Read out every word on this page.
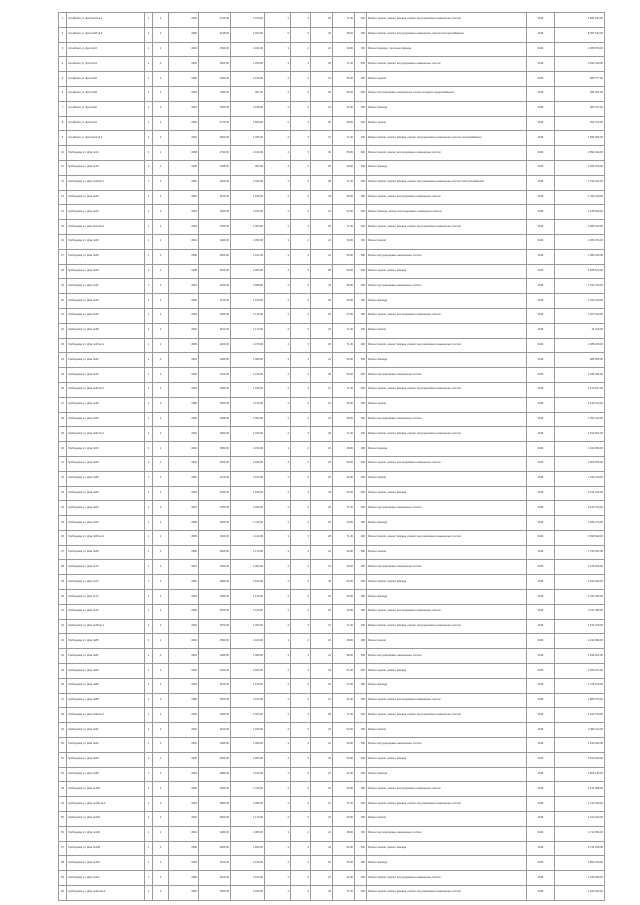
1	Алтайская ул. Дом №24 кв.1	1	1	1965	1746,00	1 100,02	3	3	25	71,30	200	Ремонт кровли, ремонт фасада, ремонт внутридомовых инженерных систем	2016	4 582 132,00
2	Алтайская ул. Дом №28 кв.2	1	1	1960	3198,00	2 400,00	5	2	32	48,20	180	Ремонт кровли, ремонт внутридомовых инженерных систем электроснабжения	2016	8 397 512,00
3	Алтайская ул. Дом №32	1	1	1963	1530,00	1 182,30	3	2	22	30,90	150	Ремонт фасада, утепление фасада	2016	1 380 870,00
4	Алтайская ул. Дом №34	1	1	1962	1562,00	1 200,00	3	2	25	71,30	200	Ремонт кровли, ремонт внутридомовых инженерных систем	2016	2 812 118,00
5	Алтайская ул. Дом №36	1	1	1959	1480,00	1 109,00	3	2	21	25,00	150	Ремонт кровли	2016	580 777,00
6	Алтайская ул. Дом №38	1	1	1963	1495,00	997,40	3	2	20	56,20	200	Ремонт внутридомовых инженерных систем холодного водоснабжения	2016	384 561,00
7	Алтайская ул. Дом №40	1	1	1961	1590,00	1 158,00	3	2	24	44,00	180	Ремонт фасада	2016	905 117,00
8	Алтайская ул. Дом №42	1	1	1962	2710,00	1 829,50	5	3	36	56,90	200	Ремонт кровли	2016	552 072,00
9	Алтайская ул. Дом №44 кв.1	1	1	1964	1840,00	1 366,20	3	3	27	71,30	200	Ремонт кровли, ремонт фасада, ремонт внутридомовых инженерных систем теплоснабжения	2016	2 566 384,00
10	Грибоедова ул. Дом №14	1	1	1958	2790,00	2 010,00	4	3	40	65,00	200	Ремонт кровли, ремонт внутридомовых инженерных систем	2016	2 894 012,00
11	Грибоедова ул. Дом №16	1	1	1956	1255,00	903,00	3	2	18	40,00	150	Ремонт фасада	2016	1 256 316,00
12	Грибоедова ул. Дом №18 кв.1	1	1	1960	1920,00	1 402,00	3	3	28	71,30	200	Ремонт кровли, ремонт фасада, ремонт внутридомовых инженерных систем электроснабжения	2016	1 792 041,00
13	Грибоедова ул. Дом №20	1	1	1962	1610,00	1 180,00	3	2	23	48,00	180	Ремонт кровли, ремонт внутридомовых инженерных систем	2016	1 532 119,00
14	Грибоедова ул. Дом №22	1	1	1963	1640,00	1 200,00	3	2	24	52,00	200	Ремонт фасада, ремонт внутридомовых инженерных систем	2016	1 278 650,00
15	Грибоедова ул. Дом №24 кв.2	1	1	1964	1780,00	1 300,00	3	3	26	71,30	200	Ремонт кровли, ремонт фасада, ремонт внутридомовых инженерных систем	2016	1 980 416,00
16	Грибоедова ул. Дом №26	1	1	1961	1490,00	1 090,00	3	2	21	30,00	150	Ремонт кровли	2016	1 384 154,00
17	Грибоедова ул. Дом №28	1	1	1960	1502,00	1 101,00	3	2	22	45,00	180	Ремонт внутридомовых инженерных систем	2016	1 584 116,00
18	Грибоедова ул. Дом №30	1	1	1958	2610,00	1 906,00	4	3	38	60,00	200	Ремонт кровли, ремонт фасада	2016	1 695 512,00
19	Грибоедова ул. Дом №32	1	1	1957	2180,00	1 588,00	4	3	34	58,00	200	Ремонт внутридомовых инженерных систем	2016	1 331 070,00
20	Грибоедова ул. Дом №34	1	1	1959	1470,00	1 070,00	3	2	20	35,00	150	Ремонт фасада	2016	1 020 410,00
21	Грибоедова ул. Дом №36	1	1	1963	1566,00	1 140,00	3	2	22	47,00	180	Ремонт кровли, ремонт внутридомовых инженерных систем	2016	1 367 910,00
22	Грибоедова ул. Дом №38	1	1	1962	1612,00	1 174,00	3	2	23	71,30	200	Ремонт кровли	2016	14 215,00
23	Грибоедова ул. Дом №40 кв.1	1	1	1965	2020,00	1 470,00	4	3	30	71,30	200	Ремонт кровли, ремонт фасада, ремонт внутридомовых инженерных систем	2016	1 088 225,00
24	Грибоедова ул. Дом №42	1	1	1961	1480,00	1 080,00	3	2	21	30,00	150	Ремонт фасада	2016	980 556,00
25	Грибоедова ул. Дом №44	1	1	1960	1705,00	1 240,00	3	2	25	52,00	200	Ремонт внутридомовых инженерных систем	2016	2 036 366,00
26	Грибоедова ул. Дом №46 кв.2	1	1	1963	1840,00	1 340,00	3	3	27	71,30	200	Ремонт кровли, ремонт фасада, ремонт внутридомовых инженерных систем	2016	3 170 917,00
27	Грибоедова ул. Дом №48	1	1	1958	1550,00	1 130,00	3	2	22	40,00	180	Ремонт кровли	2016	2 140 212,00
28	Грибоедова ул. Дом №50	1	1	1959	1498,00	1 090,00	3	2	21	38,00	150	Ремонт внутридомовых инженерных систем	2016	1 550 116,00
29	Грибоедова ул. Дом №52 кв.1	1	1	1964	1960,00	1 430,00	4	3	29	71,30	200	Ремонт кровли, ремонт фасада, ремонт внутридомовых инженерных систем	2016	2 910 004,00
30	Грибоедова ул. Дом №54	1	1	1962	1580,00	1 150,00	3	2	23	48,00	180	Ремонт фасада	2016	1 610 350,00
31	Грибоедова ул. Дом №56	1	1	1961	1620,00	1 180,00	3	2	23	50,00	200	Ремонт кровли, ремонт внутридомовых инженерных систем	2016	1 902 560,00
32	Грибоедова ул. Дом №58	1	1	1960	1470,00	1 070,00	3	2	20	36,00	150	Ремонт кровли	2016	1 045 118,00
33	Грибоедова ул. Дом №60	1	1	1963	2240,00	1 630,00	4	3	34	62,00	200	Ремонт кровли, ремонт фасада	2016	2 414 012,00
34	Грибоедова ул. Дом №62	1	1	1957	1780,00	1 300,00	3	2	26	71,30	200	Ремонт внутридомовых инженерных систем	2016	3 120 764,00
35	Грибоедова ул. Дом №64	1	1	1958	1520,00	1 110,00	3	2	22	44,00	180	Ремонт фасада	2016	1 384 270,00
36	Грибоедова ул. Дом №66 кв.2	1	1	1965	1930,00	1 410,00	3	3	28	71,30	200	Ремонт кровли, ремонт фасада, ремонт внутридомовых инженерных систем	2016	2 690 810,00
37	Грибоедова ул. Дом №68	1	1	1962	1600,00	1 170,00	3	2	23	49,00	180	Ремонт кровли	2016	1 790 552,00
38	Грибоедова ул. Дом №70	1	1	1961	1490,00	1 090,00	3	2	21	40,00	150	Ремонт внутридомовых инженерных систем	2016	1 215 660,00
39	Грибоедова ул. Дом №72	1	1	1960	2480,00	1 810,00	4	3	36	64,00	200	Ремонт кровли, ремонт фасада	2016	4 160 042,00
40	Грибоедова ул. Дом №74	1	1	1963	1560,00	1 140,00	3	2	22	46,00	180	Ремонт фасада	2016	1 490 335,00
41	Грибоедова ул. Дом №76	1	1	1959	1510,00	1 100,00	3	2	22	42,00	180	Ремонт кровли, ремонт внутридомовых инженерных систем	2016	2 011 480,00
42	Грибоедова ул. Дом №78 кв.1	1	1	1964	1870,00	1 360,00	3	3	27	71,30	200	Ремонт кровли, ремонт фасада, ремонт внутридомовых инженерных систем	2016	4 670 218,00
43	Грибоедова ул. Дом №80	1	1	1962	1590,00	1 160,00	3	2	23	48,00	180	Ремонт кровли	2016	2 210 396,00
44	Грибоедова ул. Дом №82	1	1	1961	1480,00	1 080,00	3	2	21	38,00	150	Ремонт внутридомовых инженерных систем	2016	1 540 221,00
45	Грибоедова ул. Дом №84	1	1	1960	2220,00	1 620,00	4	3	33	61,00	200	Ремонт кровли, ремонт фасада	2016	3 250 917,00
46	Грибоедова ул. Дом №86	1	1	1963	1570,00	1 150,00	3	2	22	47,00	180	Ремонт фасада	2016	1 725 616,00
47	Грибоедова ул. Дом №88	1	1	1958	1500,00	1 100,00	3	2	21	41,00	180	Ремонт кровли, ремонт внутридомовых инженерных систем	2016	1 880 570,00
48	Грибоедова ул. Дом №90 кв.2	1	1	1965	1950,00	1 420,00	4	3	28	71,30	200	Ремонт кровли, ремонт фасада, ремонт внутридомовых инженерных систем	2016	4 915 730,00
49	Грибоедова ул. Дом №92	1	1	1962	1610,00	1 180,00	3	2	23	50,00	180	Ремонт кровли	2016	2 360 112,00
50	Грибоедова ул. Дом №94	1	1	1961	1490,00	1 090,00	3	2	21	39,00	150	Ремонт внутридомовых инженерных систем	2016	1 630 490,00
51	Грибоедова ул. Дом №96	1	1	1960	2300,00	1 680,00	4	3	34	63,00	200	Ремонт кровли, ремонт фасада	2016	3 510 260,00
52	Грибоедова ул. Дом №98	1	1	1963	1580,00	1 150,00	3	2	22	47,00	180	Ремонт фасада	2016	1 806 145,00
53	Грибоедова ул. Дом №100	1	1	1959	1520,00	1 110,00	3	2	22	43,00	180	Ремонт кровли, ремонт внутридомовых инженерных систем	2016	2 144 388,00
54	Грибоедова ул. Дом №102 кв.1	1	1	1964	1890,00	1 380,00	3	3	27	71,30	200	Ремонт кровли, ремонт фасада, ремонт внутридомовых инженерных систем	2016	4 732 020,00
55	Грибоедова ул. Дом №104	1	1	1962	1600,00	1 170,00	3	2	23	49,00	180	Ремонт кровли	2016	2 410 910,00
56	Грибоедова ул. Дом №106	1	1	1961	1480,00	1 080,00	3	2	21	38,00	150	Ремонт внутридомовых инженерных систем	2016	1 712 054,00
57	Грибоедова ул. Дом №108	1	1	1960	2260,00	1 650,00	4	3	33	62,00	200	Ремонт кровли, ремонт фасада	2016	3 724 158,00
58	Грибоедова ул. Дом №110	1	1	1963	1570,00	1 150,00	3	2	22	46,00	180	Ремонт фасада	2016	1 890 226,00
59	Грибоедова ул. Дом №112	1	1	1958	1510,00	1 100,00	3	2	22	42,00	180	Ремонт кровли, ремонт внутридомовых инженерных систем	2016	1 446 030,00
60	Грибоедова ул. Дом №114 кв.2	1	1	1965	1960,00	1 430,00	4	3	29	71,30	200	Ремонт кровли, ремонт фасада, ремонт внутридомовых инженерных систем	2016	1 542 044,00
